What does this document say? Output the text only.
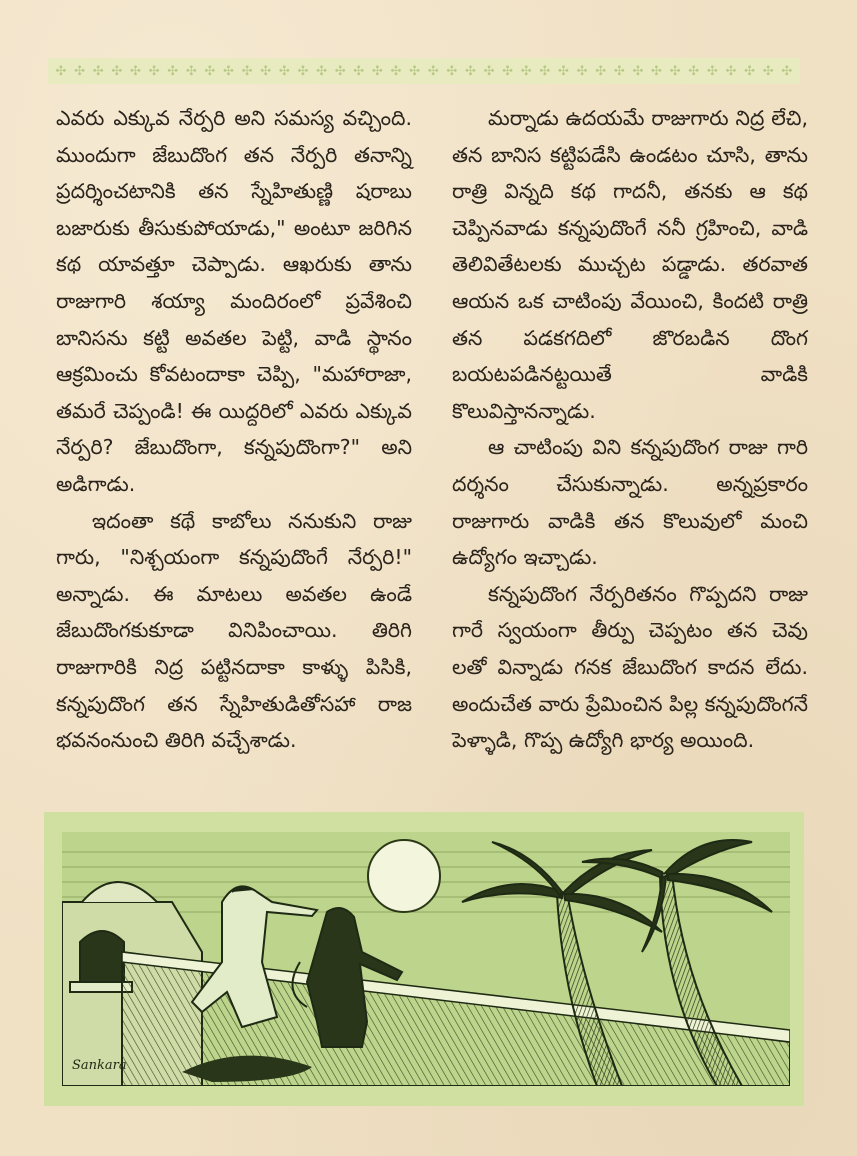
✣ ✣ ✣ ✣ ✣ ✣ ✣ ✣ ✣ ✣ ✣ ✣ ✣ ✣ ✣ ✣ ✣ ✣ ✣ ✣ ✣ ✣ ✣ ✣ ✣ ✣ ✣ ✣ ✣ ✣ ✣ ✣ ✣ ✣ ✣ ✣ ✣ ✣ ✣ ✣

ఎవరు ఎక్కువ నేర్పరి అని సమస్య వచ్చింది. ముందుగా జేబుదొంగ తన నేర్పరి తనాన్ని ప్రదర్శించటానికి తన స్నేహితుణ్ణి షరాబు బజారుకు తీసుకుపోయాడు," అంటూ జరిగిన కథ యావత్తూ చెప్పాడు. ఆఖరుకు తాను రాజుగారి శయ్యా మందిరంలో ప్రవేశించి బానిసను కట్టి అవతల పెట్టి, వాడి స్థానం ఆక్రమించు కోవటందాకా చెప్పి, "మహారాజా, తమరే చెప్పండి! ఈ యిద్దరిలో ఎవరు ఎక్కువ నేర్పరి? జేబుదొంగా, కన్నపుదొంగా?" అని అడిగాడు.

ఇదంతా కథే కాబోలు ననుకుని రాజు గారు, "నిశ్చయంగా కన్నపుదొంగే నేర్పరి!" అన్నాడు. ఈ మాటలు అవతల ఉండే జేబుదొంగకుకూడా వినిపించాయి. తిరిగి రాజుగారికి నిద్ర పట్టినదాకా కాళ్ళు పిసికి, కన్నపుదొంగ తన స్నేహితుడితోసహా రాజ భవనంనుంచి తిరిగి వచ్చేశాడు.

మర్నాడు ఉదయమే రాజుగారు నిద్ర లేచి, తన బానిస కట్టిపడేసి ఉండటం చూసి, తాను రాత్రి విన్నది కథ గాదనీ, తనకు ఆ కథ చెప్పినవాడు కన్నపుదొంగే ననీ గ్రహించి, వాడి తెలివితేటలకు ముచ్చట పడ్డాడు. తరవాత ఆయన ఒక చాటింపు వేయించి, కిందటి రాత్రి తన పడకగదిలో జొరబడిన దొంగ బయటపడినట్టయితే వాడికి కొలువిస్తానన్నాడు.

ఆ చాటింపు విని కన్నపుదొంగ రాజు గారి దర్శనం చేసుకున్నాడు. అన్నప్రకారం రాజుగారు వాడికి తన కొలువులో మంచి ఉద్యోగం ఇచ్చాడు.

కన్నపుదొంగ నేర్పరితనం గొప్పదని రాజు గారే స్వయంగా తీర్పు చెప్పటం తన చెవు లతో విన్నాడు గనక జేబుదొంగ కాదన లేదు. అందుచేత వారు ప్రేమించిన పిల్ల కన్నపుదొంగనే పెళ్ళాడి, గొప్ప ఉద్యోగి భార్య అయింది.

Sankara
